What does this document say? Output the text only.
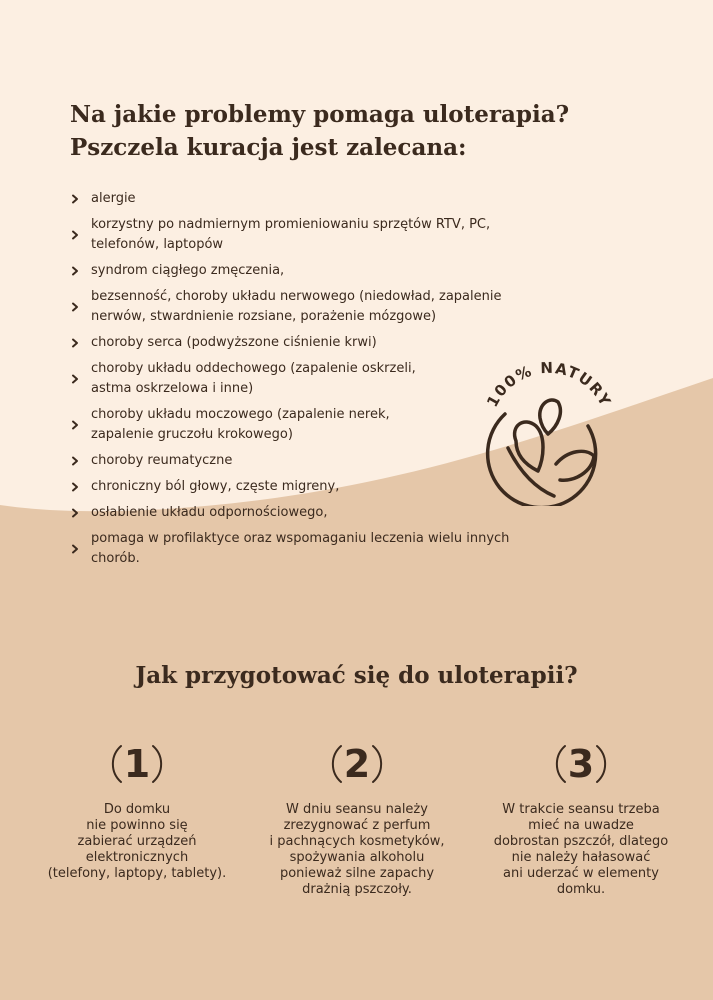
Na jakie problemy pomaga uloterapia?
Pszczela kuracja jest zalecana:
alergie
korzystny po nadmiernym promieniowaniu sprzętów RTV, PC,
telefonów, laptopów
syndrom ciągłego zmęczenia,
bezsenność, choroby układu nerwowego (niedowład, zapalenie
nerwów, stwardnienie rozsiane, porażenie mózgowe)
choroby serca (podwyższone ciśnienie krwi)
choroby układu oddechowego (zapalenie oskrzeli,
astma oskrzelowa i inne)
choroby układu moczowego (zapalenie nerek,
zapalenie gruczołu krokowego)
choroby reumatyczne
chroniczny ból głowy, częste migreny,
osłabienie układu odpornościowego,
pomaga w profilaktyce oraz wspomaganiu leczenia wielu innych
chorób.
100% NATURY
Jak przygotować się do uloterapii?
1
Do domku
nie powinno się
zabierać urządzeń
elektronicznych
(telefony, laptopy, tablety).
2
W dniu seansu należy
zrezygnować z perfum
i pachnących kosmetyków,
spożywania alkoholu
ponieważ silne zapachy
drażnią pszczoły.
3
W trakcie seansu trzeba
mieć na uwadze
dobrostan pszczół, dlatego
nie należy hałasować
ani uderzać w elementy
domku.
